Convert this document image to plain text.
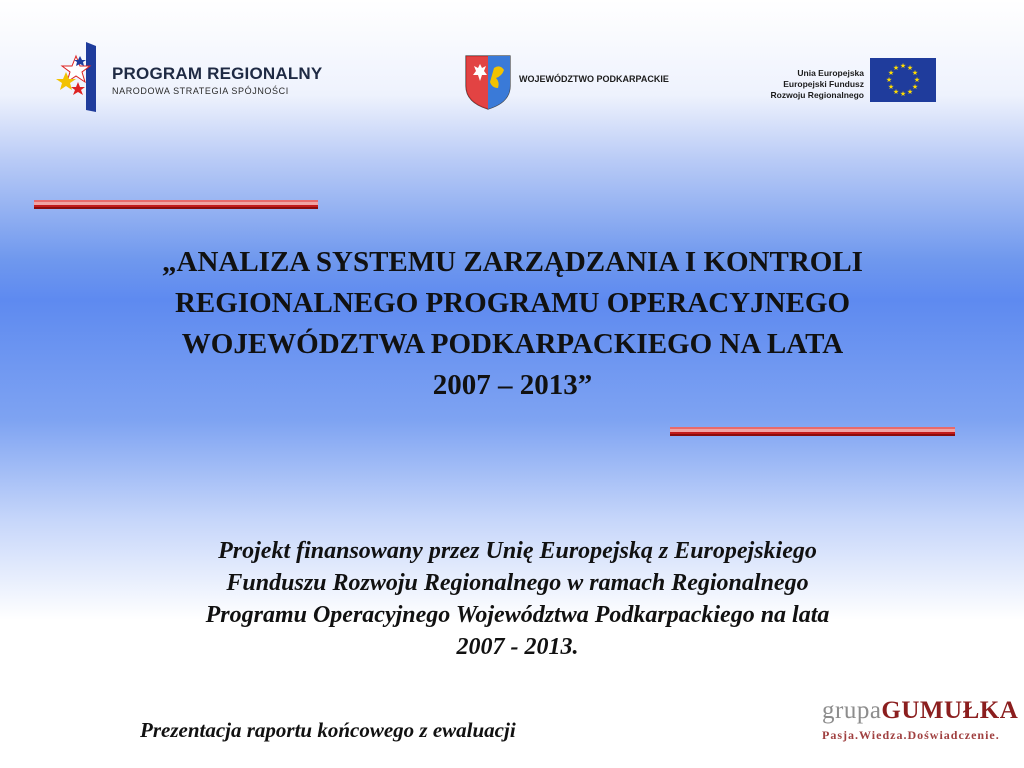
PROGRAM REGIONALNY
NARODOWA STRATEGIA SPÓJNOŚCI
WOJEWÓDZTWO PODKARPACKIE
Unia Europejska
Europejski Fundusz
Rozwoju Regionalnego
★ ★
★
★
★
★
★
★
★
★
★
★
„ANALIZA SYSTEMU ZARZĄDZANIA I KONTROLI
REGIONALNEGO PROGRAMU OPERACYJNEGO
WOJEWÓDZTWA PODKARPACKIEGO NA LATA
2007 – 2013”
Projekt finansowany przez Unię Europejską z Europejskiego
Funduszu Rozwoju Regionalnego w ramach Regionalnego
Programu Operacyjnego Województwa Podkarpackiego na lata
2007 - 2013.
Prezentacja raportu końcowego z ewaluacji
grupaGUMUŁKA
Pasja.Wiedza.Doświadczenie.
